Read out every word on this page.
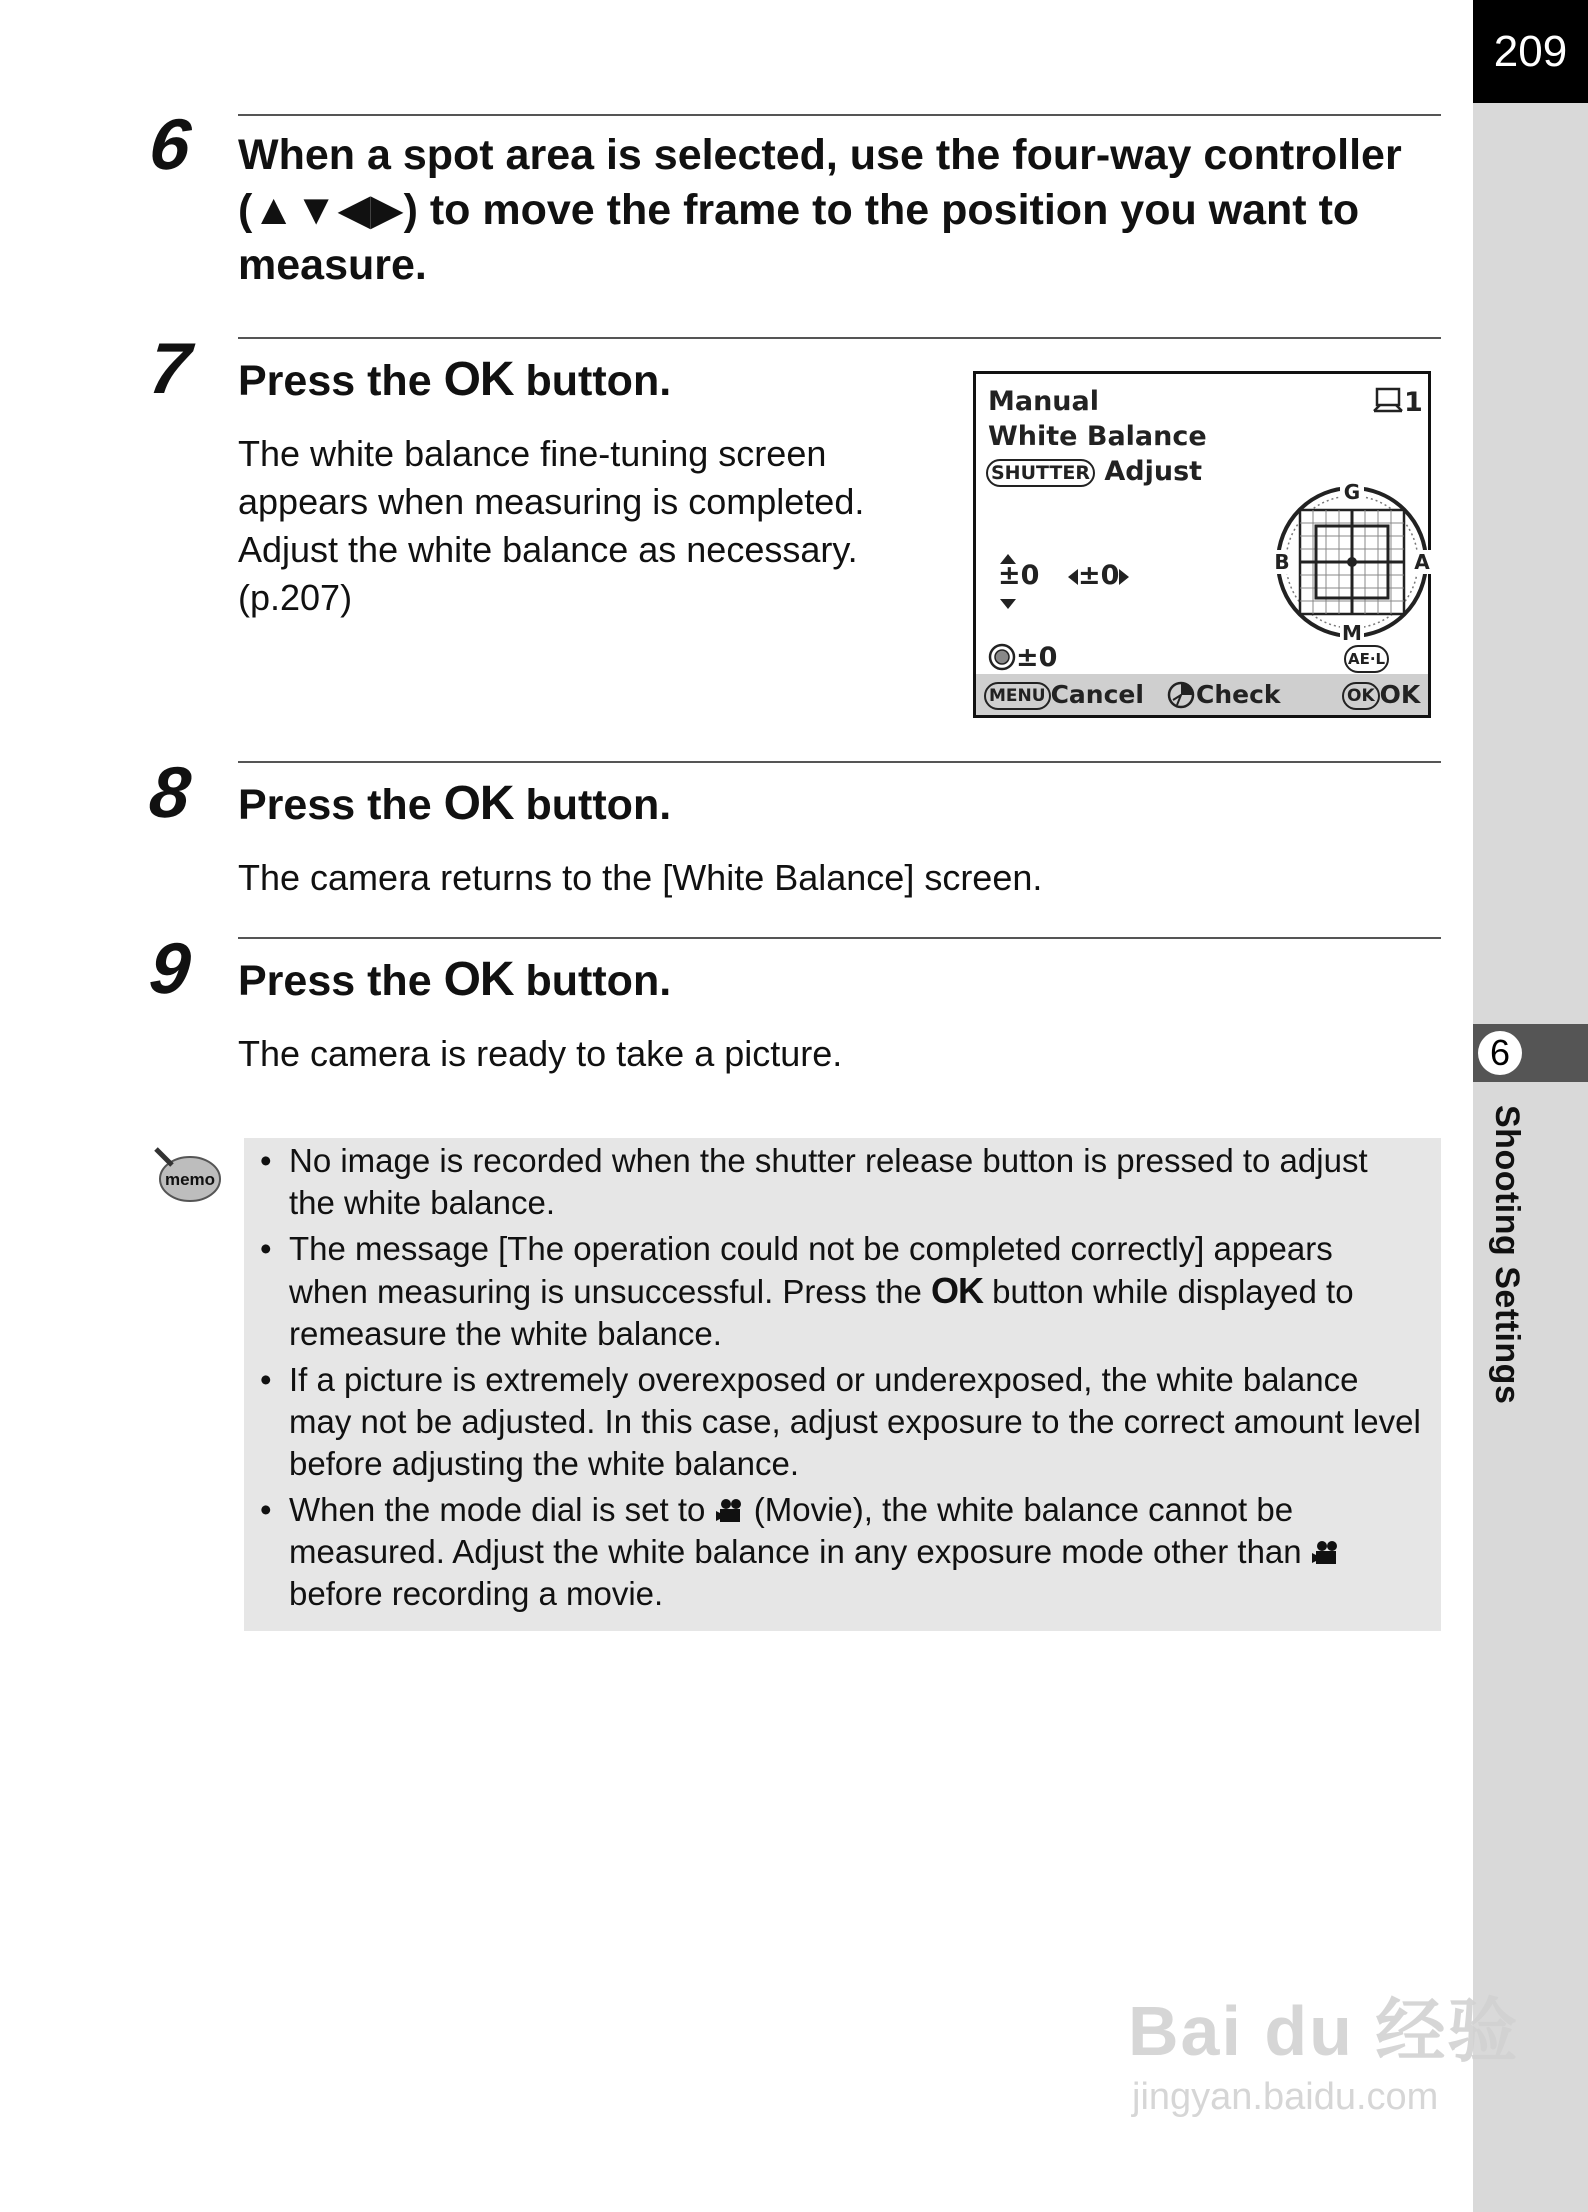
209
6
Shooting Settings
6 When a spot area is selected, use the four-way controller
(▲▼◀▶) to move the frame to the position you want to
measure.
7 Press the OK button.
The white balance fine-tuning screen
appears when measuring is completed.
Adjust the white balance as necessary.
(p.207)
Manual
White Balance
SHUTTER Adjust
1
±0	±0
G
M
B	A
±0	AE·L
MENU Cancel	Check	OK OK
8 Press the OK button.
The camera returns to the [White Balance] screen.
9 Press the OK button.
The camera is ready to take a picture.
memo
• No image is recorded when the shutter release button is pressed to adjust
the white balance.
• The message [The operation could not be completed correctly] appears
when measuring is unsuccessful. Press the OK button while displayed to
remeasure the white balance.
• If a picture is extremely overexposed or underexposed, the white balance
may not be adjusted. In this case, adjust exposure to the correct amount level
before adjusting the white balance.
• When the mode dial is set to (Movie), the white balance cannot be
measured. Adjust the white balance in any exposure mode other than
before recording a movie.
Bai du 经验
jingyan.baidu.com
